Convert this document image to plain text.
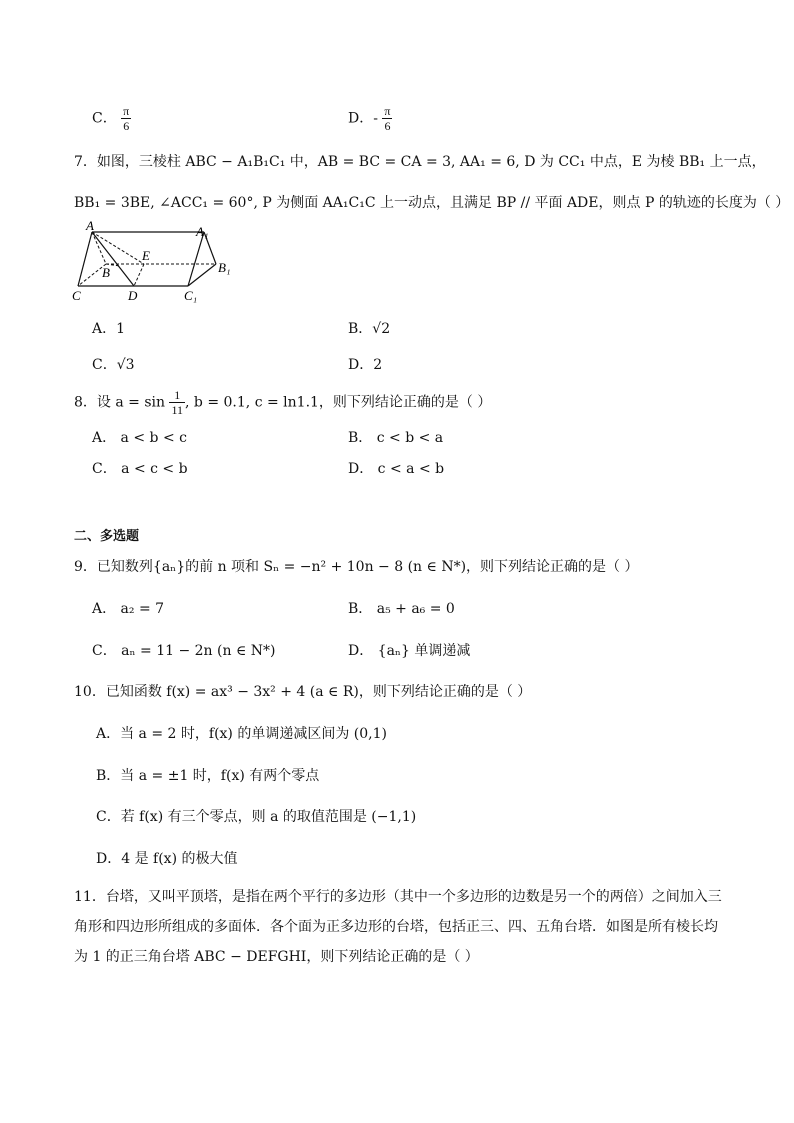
C． $\frac{\pi}{6}$	D．- $\frac{\pi}{6}$
7．如图，三棱柱 ABC − A₁B₁C₁ 中，AB = BC = CA = 3, AA₁ = 6, D 为 CC₁ 中点，E 为棱 BB₁ 上一点，
BB₁ = 3BE, ∠ACC₁ = 60°, P 为侧面 AA₁C₁C 上一动点，且满足 BP // 平面 ADE，则点 P 的轨迹的长度为（ ）
A	A₁
B	B₁
C	C₁
D
E
A．1	B．√2
C．√3	D．2
8．设 $a = \sin \frac{1}{11}$ , b = 0.1, c = ln1.1，则下列结论正确的是（ ）
A． a < b < c	B． c < b < a
C． a < c < b	D． c < a < b
二、多选题
9．已知数列{aₙ}的前 n 项和 Sₙ = −n² + 10n − 8 (n ∈ N*)，则下列结论正确的是（ ）
A． a₂ = 7	B． a₅ + a₆ = 0
C． aₙ = 11 − 2n (n ∈ N*)	D． {aₙ} 单调递减
10．已知函数 f(x) = ax³ − 3x² + 4 (a ∈ R)，则下列结论正确的是（ ）
A．当 a = 2 时，f(x) 的单调递减区间为 (0,1)
B．当 a = ±1 时，f(x) 有两个零点
C．若 f(x) 有三个零点，则 a 的取值范围是 (−1,1)
D．4 是 f(x) 的极大值
11．台塔，又叫平顶塔，是指在两个平行的多边形（其中一个多边形的边数是另一个的两倍）之间加入三
角形和四边形所组成的多面体．各个面为正多边形的台塔，包括正三、四、五角台塔．如图是所有棱长均
为 1 的正三角台塔 ABC − DEFGHI，则下列结论正确的是（ ）
